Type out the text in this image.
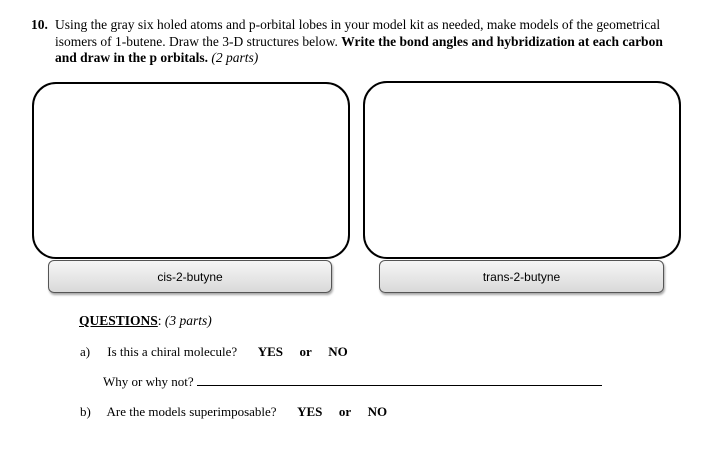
10. Using the gray six holed atoms and p-orbital lobes in your model kit as needed, make models of the geometrical isomers of 1-butene. Draw the 3-D structures below. Write the bond angles and hybridization at each carbon and draw in the p orbitals. (2 parts)
cis-2-butyne	trans-2-butyne
QUESTIONS: (3 parts)
a) Is this a chiral molecule? YES or NO
Why or why not?
b) Are the models superimposable? YES or NO
